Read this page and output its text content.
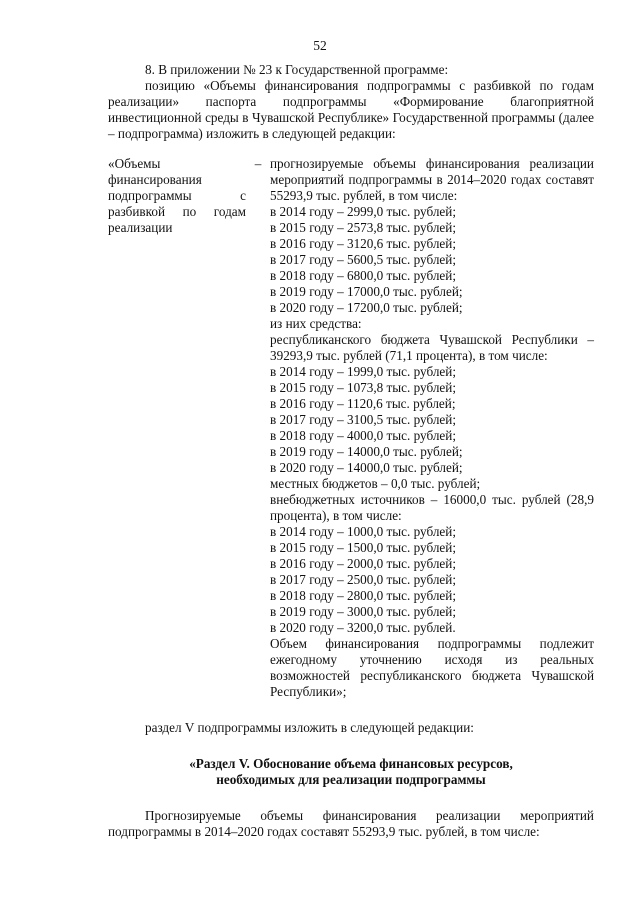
52

8. В приложении № 23 к Государственной программе:

позицию «Объемы финансирования подпрограммы с разбивкой по годам реализации» паспорта подпрограммы «Формирование благоприятной инвестиционной среды в Чувашской Республике» Государственной программы (далее – подпрограмма) изложить в следующей редакции:

«Объемы финансирования подпрограммы с разбивкой по годам реализации
– прогнозируемые объемы финансирования реализации мероприятий подпрограммы в 2014–2020 годах составят 55293,9 тыс. рублей, в том числе:
в 2014 году – 2999,0 тыс. рублей;
в 2015 году – 2573,8 тыс. рублей;
в 2016 году – 3120,6 тыс. рублей;
в 2017 году – 5600,5 тыс. рублей;
в 2018 году – 6800,0 тыс. рублей;
в 2019 году – 17000,0 тыс. рублей;
в 2020 году – 17200,0 тыс. рублей;
из них средства:
республиканского бюджета Чувашской Республики – 39293,9 тыс. рублей (71,1 процента), в том числе:
в 2014 году – 1999,0 тыс. рублей;
в 2015 году – 1073,8 тыс. рублей;
в 2016 году – 1120,6 тыс. рублей;
в 2017 году – 3100,5 тыс. рублей;
в 2018 году – 4000,0 тыс. рублей;
в 2019 году – 14000,0 тыс. рублей;
в 2020 году – 14000,0 тыс. рублей;
местных бюджетов – 0,0 тыс. рублей;
внебюджетных источников – 16000,0 тыс. рублей (28,9 процента), в том числе:
в 2014 году – 1000,0 тыс. рублей;
в 2015 году – 1500,0 тыс. рублей;
в 2016 году – 2000,0 тыс. рублей;
в 2017 году – 2500,0 тыс. рублей;
в 2018 году – 2800,0 тыс. рублей;
в 2019 году – 3000,0 тыс. рублей;
в 2020 году – 3200,0 тыс. рублей.
Объем финансирования подпрограммы подлежит ежегодному уточнению исходя из реальных возможностей республиканского бюджета Чувашской Республики»;

раздел V подпрограммы изложить в следующей редакции:

«Раздел V. Обоснование объема финансовых ресурсов,
необходимых для реализации подпрограммы

Прогнозируемые объемы финансирования реализации мероприятий подпрограммы в 2014–2020 годах составят 55293,9 тыс. рублей, в том числе:
